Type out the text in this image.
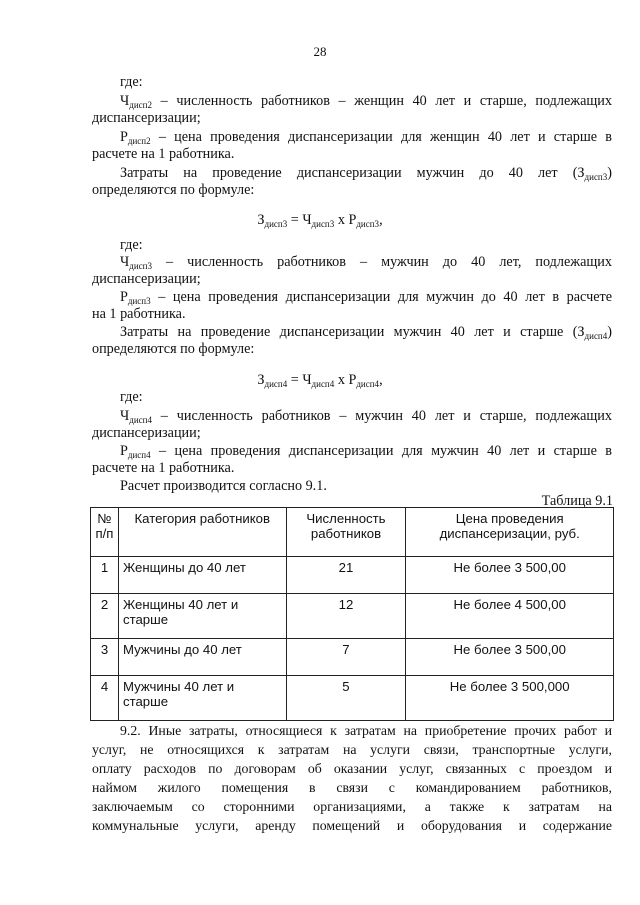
28
где:
$Ч_{дисп2}$ – численность работников – женщин 40 лет и старше, подлежащих
диспансеризации;
$Р_{дисп2}$ – цена проведения диспансеризации для женщин 40 лет и старше в
расчете на 1 работника.
Затраты на проведение диспансеризации мужчин до 40 лет $(З_{дисп3})$
определяются по формуле:
$З_{дисп3} = Ч_{дисп3}$ х $Р_{дисп3}$,
где:
$Ч_{дисп3}$ – численность работников – мужчин до 40 лет, подлежащих
диспансеризации;
$Р_{дисп3}$ – цена проведения диспансеризации для мужчин до 40 лет в расчете
на 1 работника.
Затраты на проведение диспансеризации мужчин 40 лет и старше $(З_{дисп4})$
определяются по формуле:
$З_{дисп4} = Ч_{дисп4}$ х $Р_{дисп4}$,
где:
$Ч_{дисп4}$ – численность работников – мужчин 40 лет и старше, подлежащих
диспансеризации;
$Р_{дисп4}$ – цена проведения диспансеризации для мужчин 40 лет и старше в
расчете на 1 работника.
Расчет производится согласно 9.1.
Таблица 9.1
№
п/п	Категория работников	Численность работников	Цена проведения диспансеризации, руб.
1	Женщины до 40 лет	21	Не более 3 500,00
2	Женщины 40 лет и старше	12	Не более 4 500,00
3	Мужчины до 40 лет	7	Не более 3 500,00
4	Мужчины 40 лет и старше	5	Не более 3 500,000
9.2. Иные затраты, относящиеся к затратам на приобретение прочих работ и
услуг, не относящихся к затратам на услуги связи, транспортные услуги,
оплату расходов по договорам об оказании услуг, связанных с проездом и
наймом жилого помещения в связи с командированием работников,
заключаемым со сторонними организациями, а также к затратам на
коммунальные услуги, аренду помещений и оборудования и содержание
